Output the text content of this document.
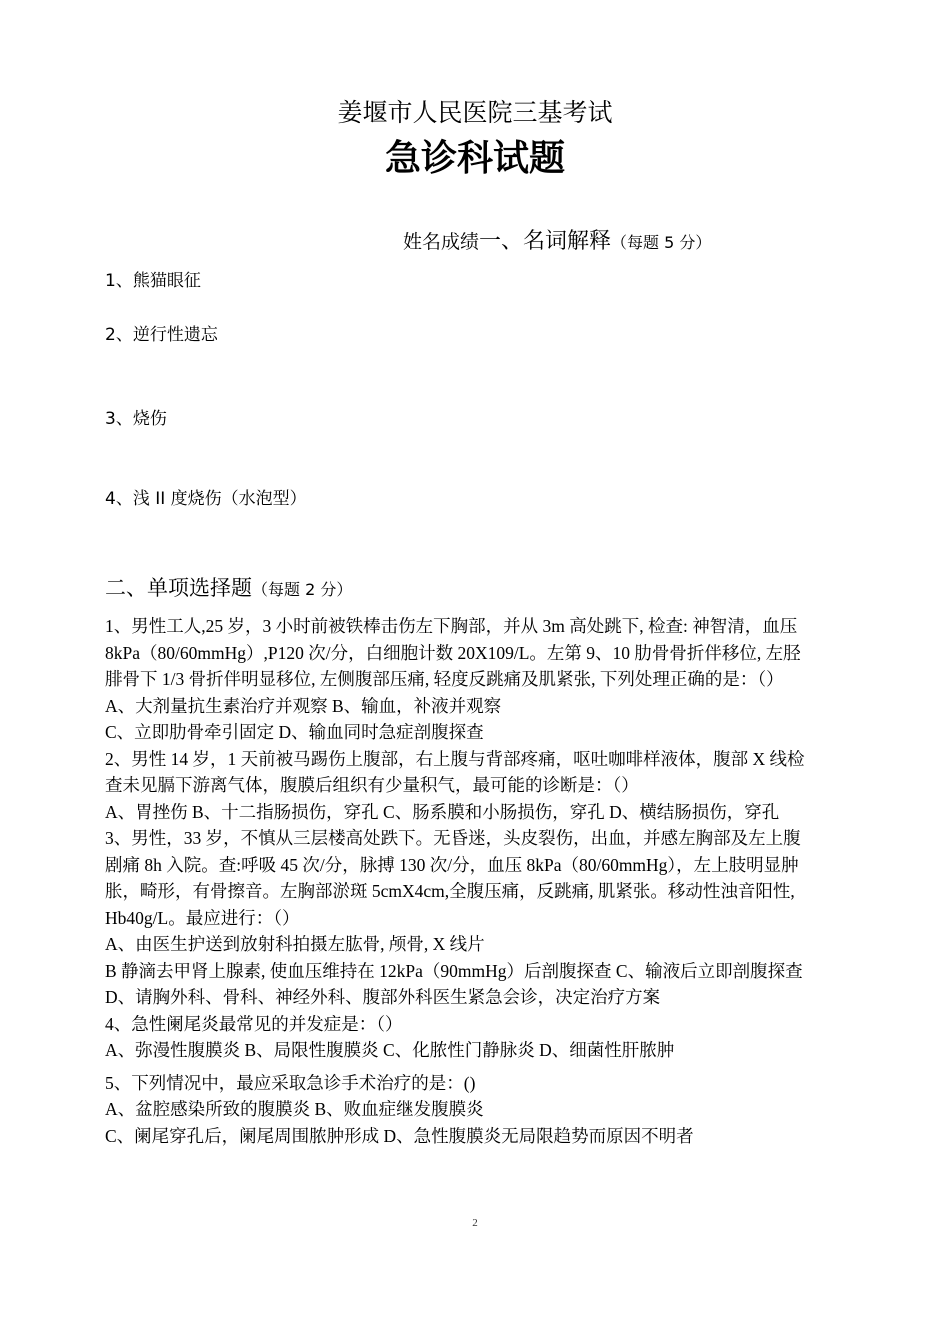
姜堰市人民医院三基考试
急诊科试题
姓名成绩一、名词解释（每题 5 分）
1、熊猫眼征
2、逆行性遗忘
3、烧伤
4、浅 II 度烧伤（水泡型）
二、单项选择题（每题 2 分）

1、男性工人,25 岁，3 小时前被铁棒击伤左下胸部，并从 3m 高处跳下, 检查: 神智清，血压

8kPa（80/60mmHg）,P120 次/分，白细胞计数 20X109/L。左第 9、10 肋骨骨折伴移位, 左胫

腓骨下 1/3 骨折伴明显移位, 左侧腹部压痛, 轻度反跳痛及肌紧张, 下列处理正确的是：（）

A、大剂量抗生素治疗并观察 B、输血，补液并观察

C、立即肋骨牵引固定 D、输血同时急症剖腹探查

2、男性 14 岁，1 天前被马踢伤上腹部，右上腹与背部疼痛，呕吐咖啡样液体，腹部 X 线检

查未见膈下游离气体，腹膜后组织有少量积气，最可能的诊断是：（）

A、胃挫伤 B、十二指肠损伤，穿孔 C、肠系膜和小肠损伤，穿孔 D、横结肠损伤，穿孔

3、男性，33 岁，不慎从三层楼高处跌下。无昏迷，头皮裂伤，出血，并感左胸部及左上腹

剧痛 8h 入院。查:呼吸 45 次/分，脉搏 130 次/分，血压 8kPa（80/60mmHg），左上肢明显肿

胀，畸形，有骨擦音。左胸部淤斑 5cmX4cm,全腹压痛，反跳痛, 肌紧张。移动性浊音阳性,

Hb40g/L。最应进行：（）

A、由医生护送到放射科拍摄左肱骨, 颅骨, X 线片

B 静滴去甲肾上腺素, 使血压维持在 12kPa（90mmHg）后剖腹探查 C、输液后立即剖腹探查

D、请胸外科、骨科、神经外科、腹部外科医生紧急会诊，决定治疗方案

4、急性阑尾炎最常见的并发症是：（）

A、弥漫性腹膜炎 B、局限性腹膜炎 C、化脓性门静脉炎 D、细菌性肝脓肿

5、下列情况中，最应采取急诊手术治疗的是：()

A、盆腔感染所致的腹膜炎 B、败血症继发腹膜炎

C、阑尾穿孔后，阑尾周围脓肿形成 D、急性腹膜炎无局限趋势而原因不明者

2
